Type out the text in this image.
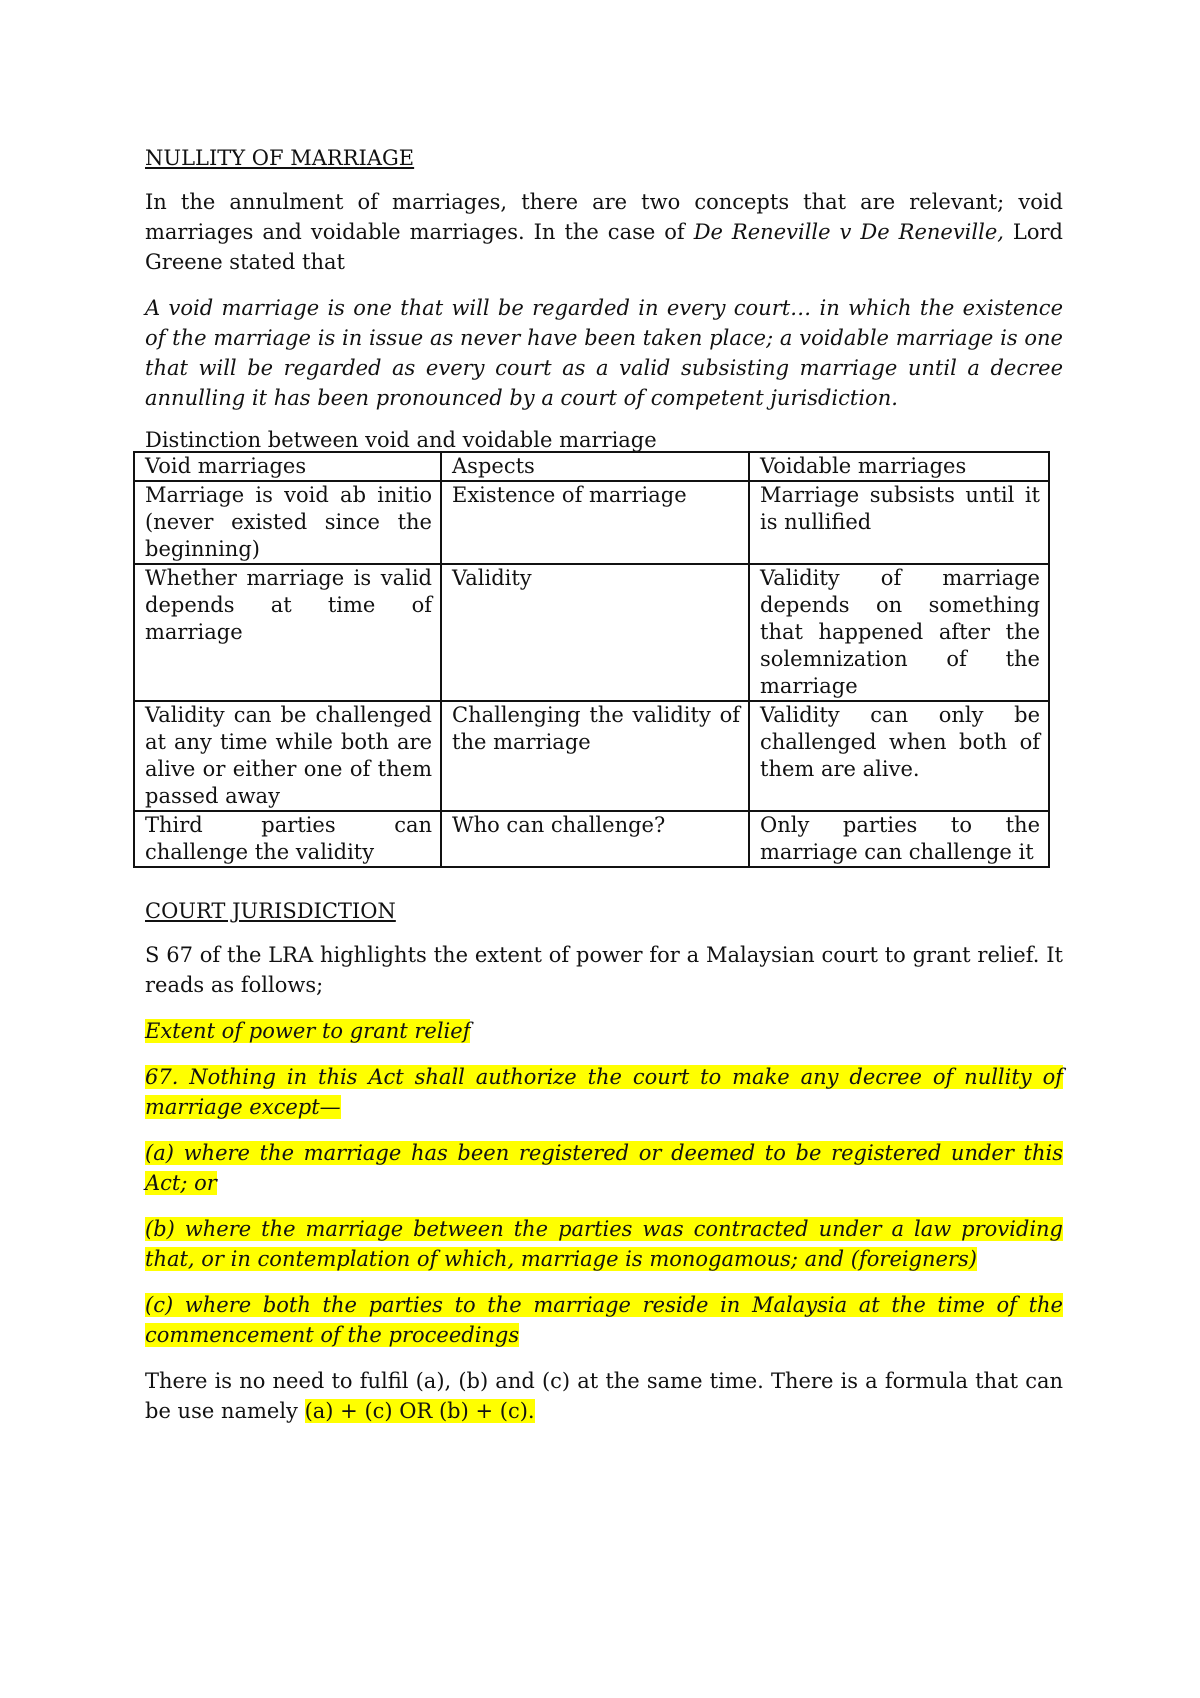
NULLITY OF MARRIAGE

In the annulment of marriages, there are two concepts that are relevant; void marriages and voidable marriages. In the case of De Reneville v De Reneville, Lord Greene stated that

A void marriage is one that will be regarded in every court… in which the existence of the marriage is in issue as never have been taken place; a voidable marriage is one that will be regarded as every court as a valid subsisting marriage until a decree annulling it has been pronounced by a court of competent jurisdiction.

Distinction between void and voidable marriage

Void marriages	Aspects	Voidable marriages
Marriage is void ab initio (never existed since the beginning)	Existence of marriage	Marriage subsists until it is nullified
Whether marriage is valid depends at time of marriage	Validity	Validity of marriage depends on something that happened after the solemnization of the marriage
Validity can be challenged at any time while both are alive or either one of them passed away	Challenging the validity of the marriage	Validity can only be challenged when both of them are alive.
Third parties can challenge the validity	Who can challenge?	Only parties to the marriage can challenge it
COURT JURISDICTION

S 67 of the LRA highlights the extent of power for a Malaysian court to grant relief. It reads as follows;

Extent of power to grant relief

67. Nothing in this Act shall authorize the court to make any decree of nullity of marriage except—

(a) where the marriage has been registered or deemed to be registered under this Act; or

(b) where the marriage between the parties was contracted under a law providing that, or in contemplation of which, marriage is monogamous; and (foreigners)

(c) where both the parties to the marriage reside in Malaysia at the time of the commencement of the proceedings

There is no need to fulfil (a), (b) and (c) at the same time. There is a formula that can be use namely (a) + (c) OR (b) + (c).
